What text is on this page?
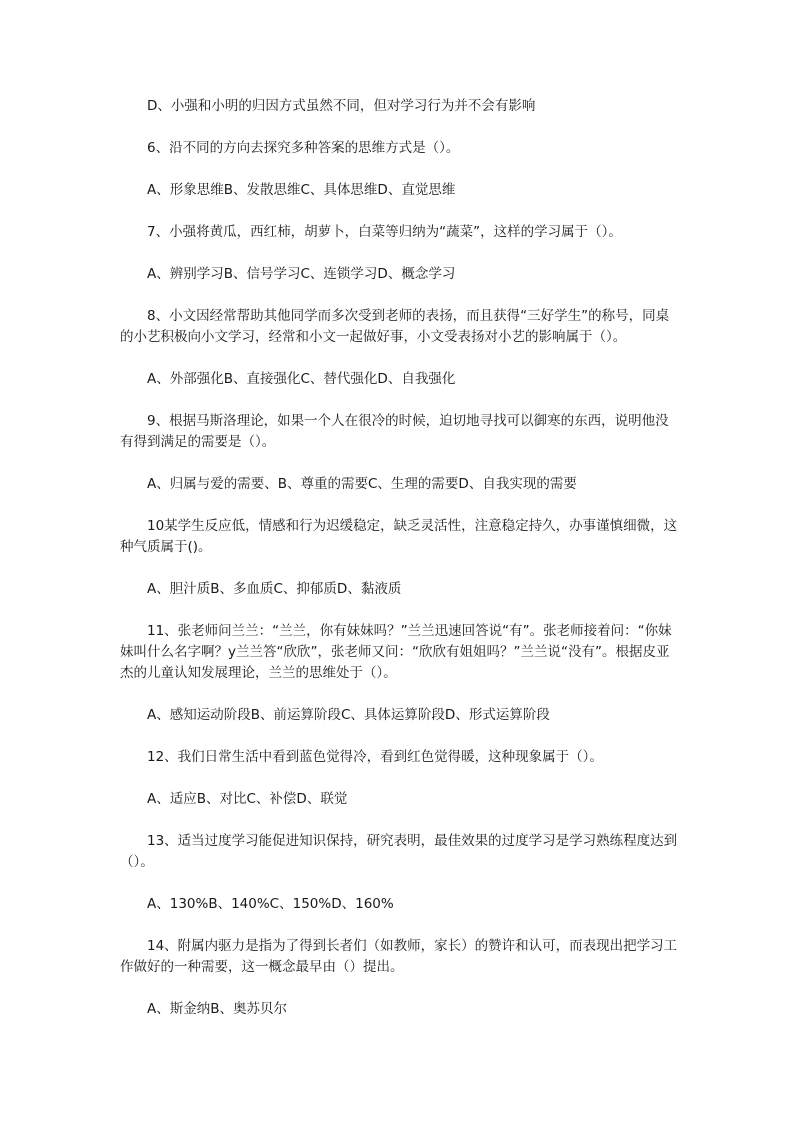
D、小强和小明的归因方式虽然不同，但对学习行为并不会有影响

6、沿不同的方向去探究多种答案的思维方式是（）。

A、形象思维B、发散思维C、具体思维D、直觉思维

7、小强将黄瓜，西红柿，胡萝卜，白菜等归纳为“蔬菜”，这样的学习属于（）。

A、辨别学习B、信号学习C、连锁学习D、概念学习

8、小文因经常帮助其他同学而多次受到老师的表扬，而且获得“三好学生”的称号，同桌的小艺积极向小文学习，经常和小文一起做好事，小文受表扬对小艺的影响属于（）。

A、外部强化B、直接强化C、替代强化D、自我强化

9、根据马斯洛理论，如果一个人在很冷的时候，迫切地寻找可以御寒的东西，说明他没有得到满足的需要是（）。

A、归属与爱的需要、B、尊重的需要C、生理的需要D、自我实现的需要

10某学生反应低，情感和行为迟缓稳定，缺乏灵活性，注意稳定持久，办事谨慎细微，这种气质属于()。

A、胆汁质B、多血质C、抑郁质D、黏液质

11、张老师问兰兰：“兰兰，你有妹妹吗？”兰兰迅速回答说“有”。张老师接着问：“你妹妹叫什么名字啊？y兰兰答“欣欣”，张老师又问：“欣欣有姐姐吗？”兰兰说“没有”。根据皮亚杰的儿童认知发展理论，兰兰的思维处于（）。

A、感知运动阶段B、前运算阶段C、具体运算阶段D、形式运算阶段

12、我们日常生活中看到蓝色觉得冷，看到红色觉得暖，这种现象属于（）。

A、适应B、对比C、补偿D、联觉

13、适当过度学习能促进知识保持，研究表明，最佳效果的过度学习是学习熟练程度达到（）。

A、130%B、140%C、150%D、160%

14、附属内驱力是指为了得到长者们（如教师，家长）的赞许和认可，而表现出把学习工作做好的一种需要，这一概念最早由（）提出。

A、斯金纳B、奥苏贝尔
